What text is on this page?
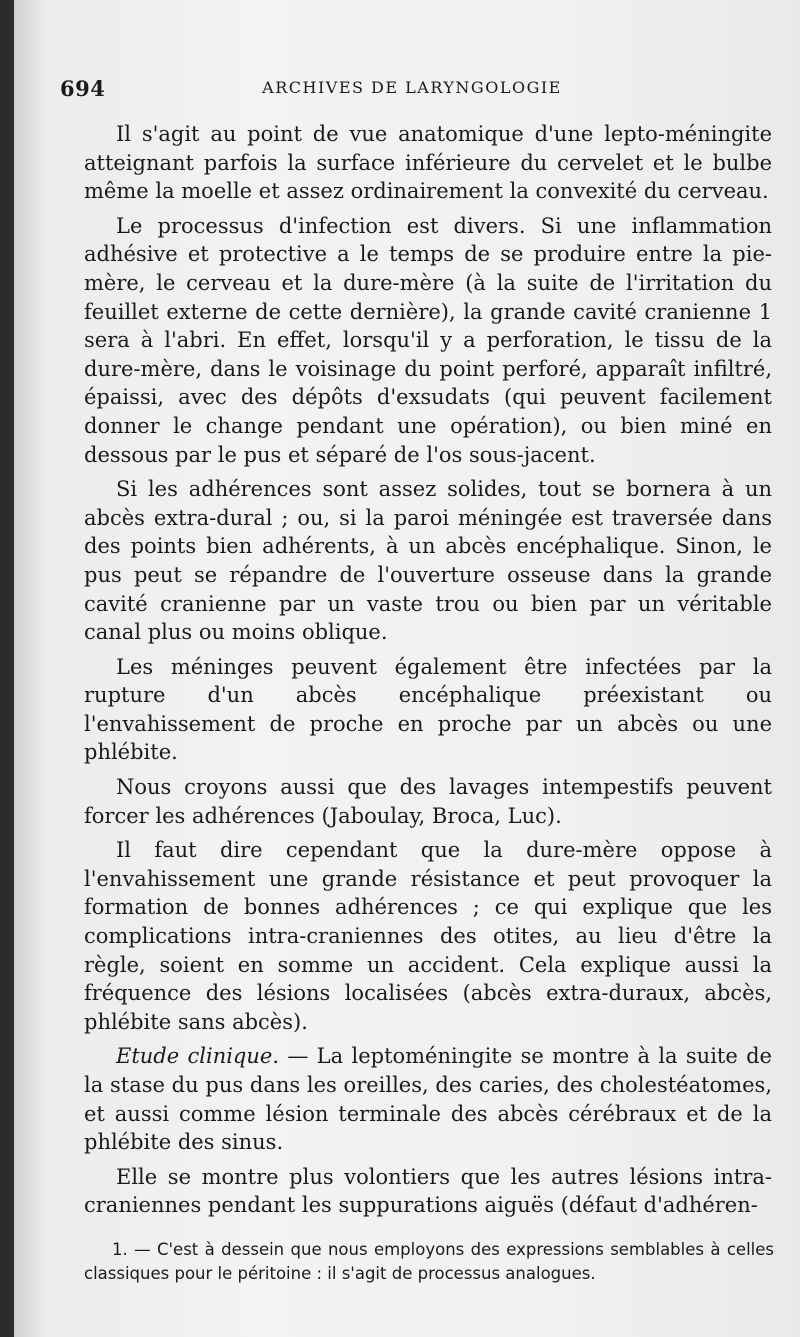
694	ARCHIVES DE LARYNGOLOGIE

Il s'agit au point de vue anatomique d'une lepto-méningite atteignant parfois la surface inférieure du cervelet et le bulbe même la moelle et assez ordinairement la convexité du cerveau.

Le processus d'infection est divers. Si une inflammation adhésive et protective a le temps de se produire entre la pie-mère, le cerveau et la dure-mère (à la suite de l'irritation du feuillet externe de cette dernière), la grande cavité cranienne 1 sera à l'abri. En effet, lorsqu'il y a perforation, le tissu de la dure-mère, dans le voisinage du point perforé, apparaît infiltré, épaissi, avec des dépôts d'exsudats (qui peuvent facilement donner le change pendant une opération), ou bien miné en dessous par le pus et séparé de l'os sous-jacent.

Si les adhérences sont assez solides, tout se bornera à un abcès extra-dural ; ou, si la paroi méningée est traversée dans des points bien adhérents, à un abcès encéphalique. Sinon, le pus peut se répandre de l'ouverture osseuse dans la grande cavité cranienne par un vaste trou ou bien par un véritable canal plus ou moins oblique.

Les méninges peuvent également être infectées par la rupture d'un abcès encéphalique préexistant ou l'envahissement de proche en proche par un abcès ou une phlébite.

Nous croyons aussi que des lavages intempestifs peuvent forcer les adhérences (Jaboulay, Broca, Luc).

Il faut dire cependant que la dure-mère oppose à l'envahissement une grande résistance et peut provoquer la formation de bonnes adhérences ; ce qui explique que les complications intra-craniennes des otites, au lieu d'être la règle, soient en somme un accident. Cela explique aussi la fréquence des lésions localisées (abcès extra-duraux, abcès, phlébite sans abcès).

Etude clinique. — La leptoméningite se montre à la suite de la stase du pus dans les oreilles, des caries, des cholestéatomes, et aussi comme lésion terminale des abcès cérébraux et de la phlébite des sinus.

Elle se montre plus volontiers que les autres lésions intra-craniennes pendant les suppurations aiguës (défaut d'adhéren-

1. — C'est à dessein que nous employons des expressions semblables à celles classiques pour le péritoine : il s'agit de processus analogues.
